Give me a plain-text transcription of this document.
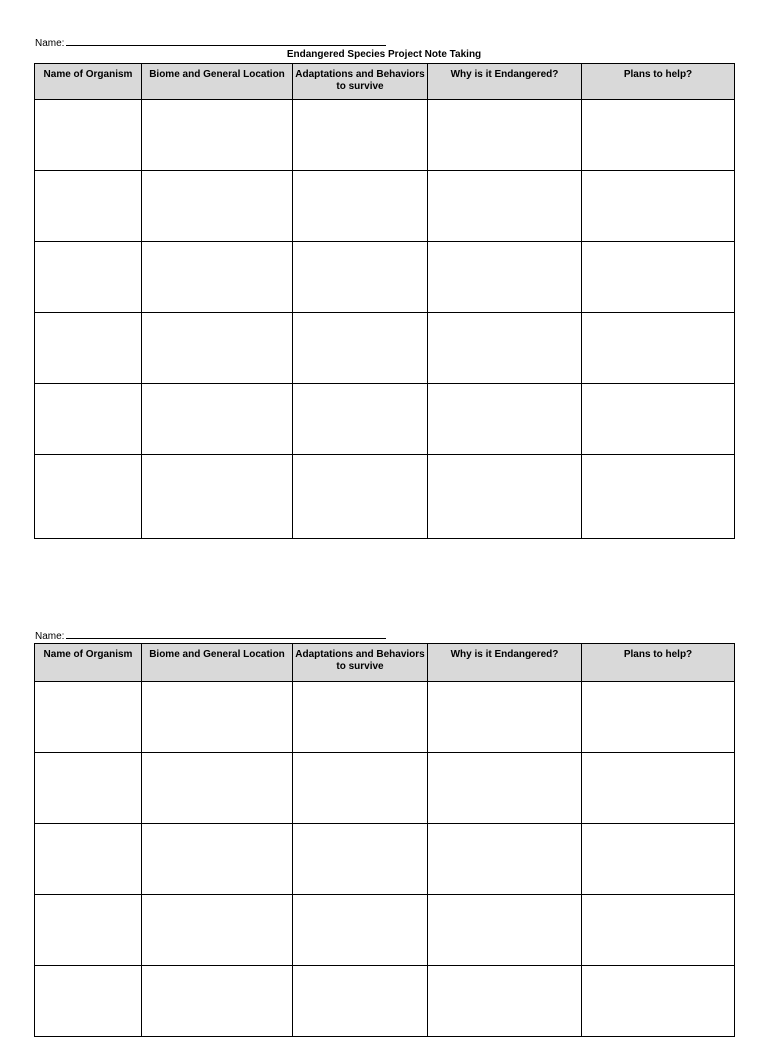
Name:
Endangered Species Project Note Taking
Name of Organism	Biome and General Location	Adaptations and Behaviors to survive	Why is it Endangered?	Plans to help?

Name:
Name of Organism	Biome and General Location	Adaptations and Behaviors to survive	Why is it Endangered?	Plans to help?
